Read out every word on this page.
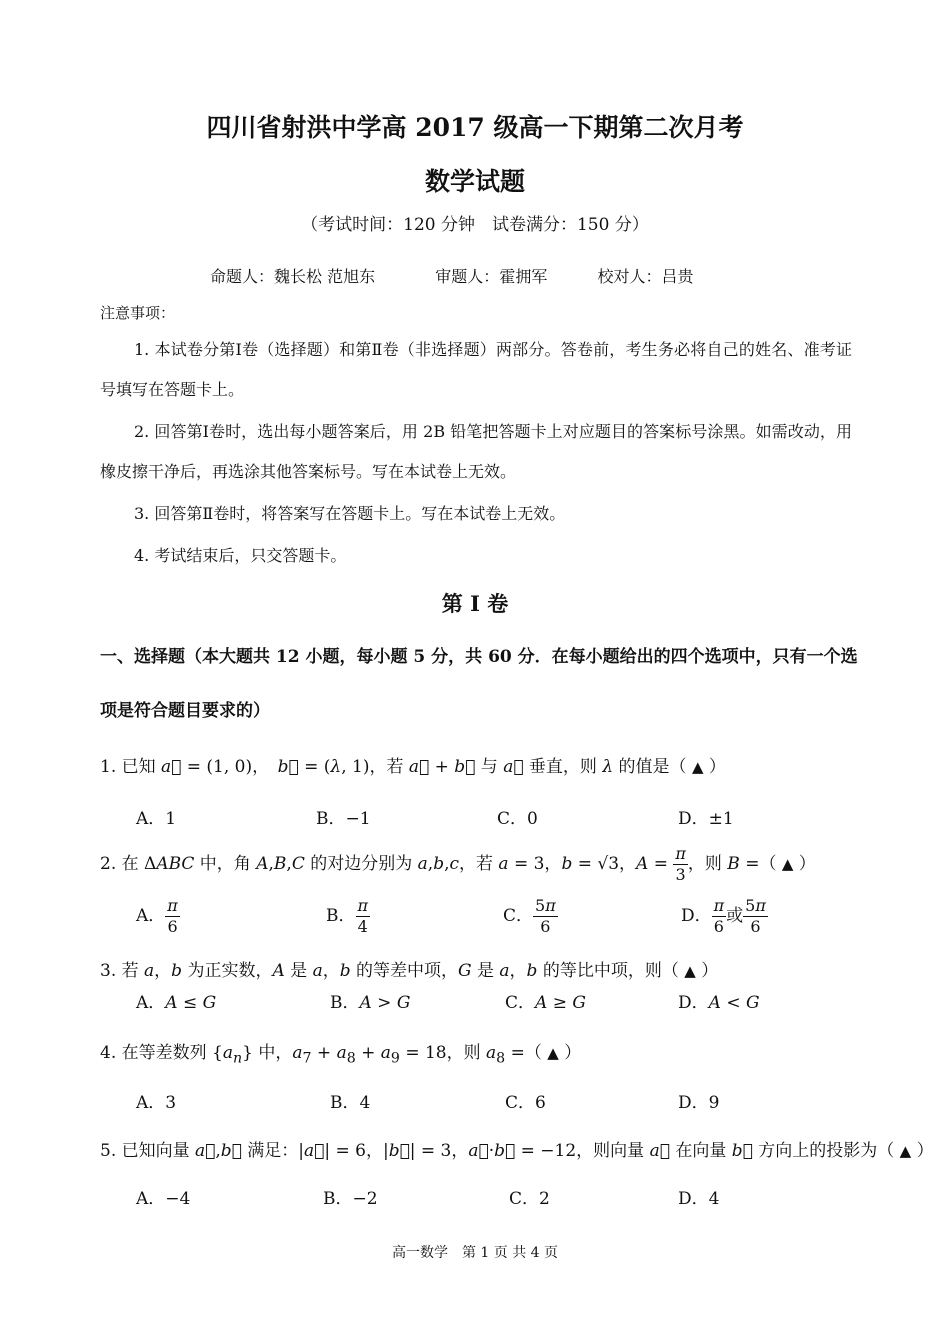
四川省射洪中学高 2017 级高一下期第二次月考
数学试题
（考试时间：120 分钟　试卷满分：150 分）
命题人：魏长松 范旭东	审题人：霍拥军	校对人：吕贵
注意事项：
1. 本试卷分第Ⅰ卷（选择题）和第Ⅱ卷（非选择题）两部分。答卷前，考生务必将自己的姓名、准考证号填写在答题卡上。
2. 回答第Ⅰ卷时，选出每小题答案后，用 2B 铅笔把答题卡上对应题目的答案标号涂黑。如需改动，用橡皮擦干净后，再选涂其他答案标号。写在本试卷上无效。
3. 回答第Ⅱ卷时，将答案写在答题卡上。写在本试卷上无效。
4. 考试结束后，只交答题卡。
第 I 卷
一、选择题（本大题共 12 小题，每小题 5 分，共 60 分．在每小题给出的四个选项中，只有一个选项是符合题目要求的）
1. 已知 a⃗ = (1, 0)，　b⃗ = (λ, 1)，若 a⃗ + b⃗ 与 a⃗ 垂直，则 λ 的值是（ ▲ ）
A．1	B．−1	C．0	D．±1
2. 在 ΔABC 中，角 A,B,C 的对边分别为 a,b,c，若 a = 3，b = √3，$A = \frac{\pi}{3}$ ，则 B =（ ▲ ）
A． $\frac{\pi}{6}$	B． $\frac{\pi}{4}$	C． $\frac{5\pi}{6}$	D． $\frac{\pi}{6}$ 或 $\frac{5\pi}{6}$
3. 若 a，b 为正实数，A 是 a，b 的等差中项，G 是 a，b 的等比中项，则（ ▲ ）
A．A ≤ G	B．A > G	C．A ≥ G	D．A < G
4. 在等差数列 $\{a_n\}$ 中，$a_7 + a_8 + a_9 = 18$，则 $a_8$ =（ ▲ ）
A．3	B．4	C．6	D．9
5. 已知向量 a⃗,b⃗ 满足：|a⃗| = 6，|b⃗| = 3，a⃗·b⃗ = −12，则向量 a⃗ 在向量 b⃗ 方向上的投影为（ ▲ ）
A．−4	B．−2	C．2	D．4
高一数学　第 1 页 共 4 页
